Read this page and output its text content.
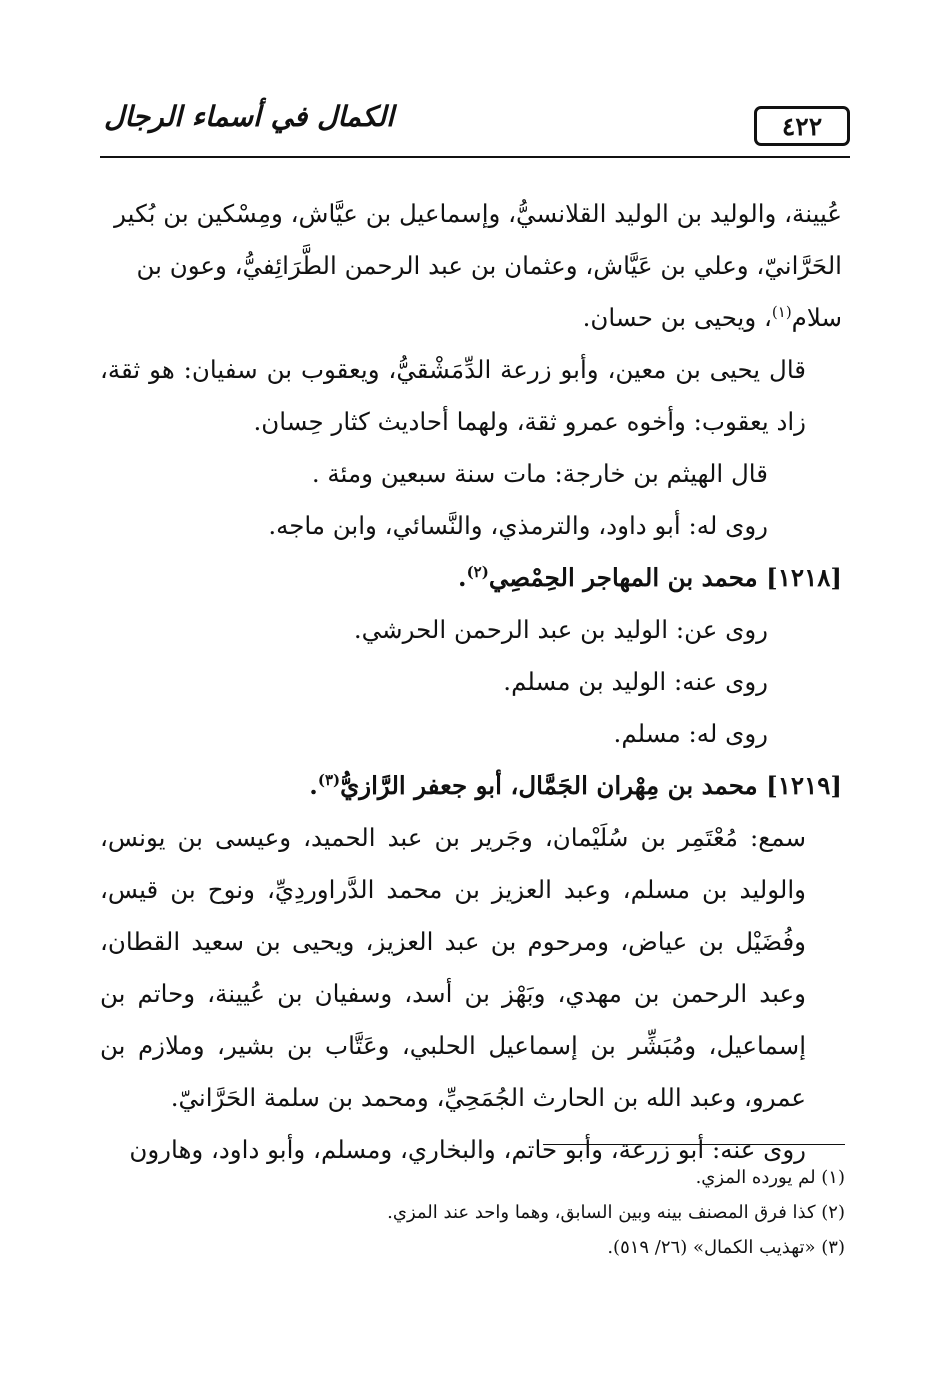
٤٢٢
الكمال في أسماء الرجال

عُيينة، والوليد بن الوليد القلانسيُّ، وإسماعيل بن عيَّاش، ومِسْكين بن بُكير

الحَرَّانيّ، وعلي بن عَيَّاش، وعثمان بن عبد الرحمن الطَّرَائِفيُّ، وعون بن

سلام$^{(١)}$، ويحيى بن حسان.

قال يحيى بن معين، وأبو زرعة الدِّمَشْقيُّ، ويعقوب بن سفيان: هو ثقة، زاد يعقوب: وأخوه عمرو ثقة، ولهما أحاديث كثار حِسان.

قال الهيثم بن خارجة: مات سنة سبعين ومئة .

روى له: أبو داود، والترمذي، والنَّسائي، وابن ماجه.

[١٢١٨] محمد بن المهاجر الحِمْصِي$^{(٢)}$.

روى عن: الوليد بن عبد الرحمن الحرشي.

روى عنه: الوليد بن مسلم.

روى له: مسلم.

[١٢١٩] محمد بن مِهْران الجَمَّال، أبو جعفر الرَّازيُّ$^{(٣)}$.

سمع: مُعْتَمِر بن سُلَيْمان، وجَرير بن عبد الحميد، وعيسى بن يونس، والوليد بن مسلم، وعبد العزيز بن محمد الدَّراوردِيِّ، ونوح بن قيس، وفُضَيْل بن عياض، ومرحوم بن عبد العزيز، ويحيى بن سعيد القطان، وعبد الرحمن بن مهدي، وبَهْز بن أسد، وسفيان بن عُيينة، وحاتم بن إسماعيل، ومُبَشِّر بن إسماعيل الحلبي، وعَتَّاب بن بشير، وملازم بن عمرو، وعبد الله بن الحارث الجُمَحِيِّ، ومحمد بن سلمة الحَرَّانيّ.

روى عنه: أبو زرعة، وأبو حاتم، والبخاري، ومسلم، وأبو داود، وهارون

(١) لم يورده المزي.

(٢) كذا فرق المصنف بينه وبين السابق، وهما واحد عند المزي.

(٣) «تهذيب الكمال» (٢٦/ ٥١٩).
